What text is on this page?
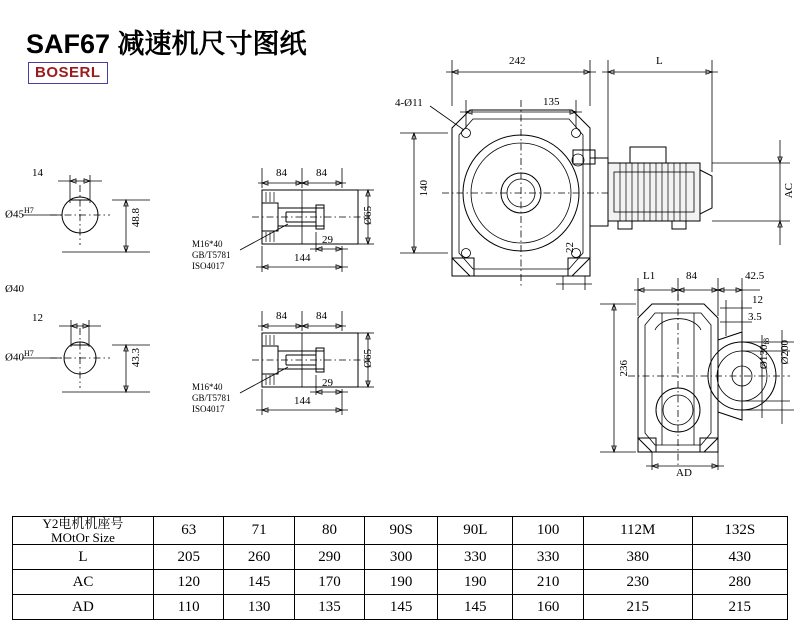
SAF67 减速机尺寸图纸
BOSERL
14
$Ø45^{H7}$	48.8
Ø40
12
$Ø40^{H7}$	43.3
84	84
29
144
Ø65
M16*40
GB/T5781
ISO4017
84	84
29
144
Ø65
M16*40
GB/T5781
ISO4017
242	L
135
4-Ø11
140
22
AC
L1	84	42.5
12
3.5
236	$Ø130_{f8}$ Ø200
AD
Y2电机机座号
MOtOr Size	63	71	80	90S	90L	100	112M	132S
L	205	260	290	300	330	330	380	430
AC	120	145	170	190	190	210	230	280
AD	110	130	135	145	145	160	215	215
